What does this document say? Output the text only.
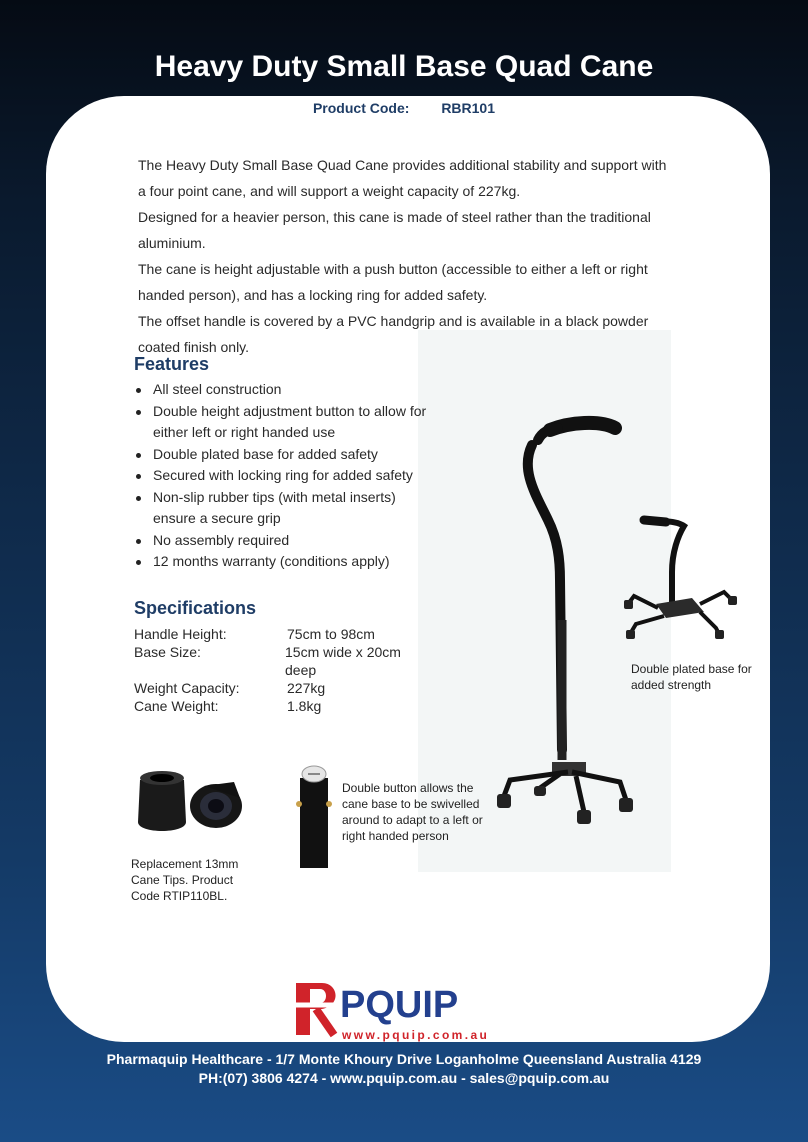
Heavy Duty Small Base Quad Cane
Product Code: RBR101

The Heavy Duty Small Base Quad Cane provides additional stability and support with a four point cane, and will support a weight capacity of 227kg.

Designed for a heavier person, this cane is made of steel rather than the traditional aluminium.

The cane is height adjustable with a push button (accessible to either a left or right handed person), and has a locking ring for added safety.

The offset handle is covered by a PVC handgrip and is available in a black powder coated finish only.

Features
All steel construction
Double height adjustment button to allow for either left or right handed use
Double plated base for added safety
Secured with locking ring for added safety
Non-slip rubber tips (with metal inserts) ensure a secure grip
No assembly required
12 months warranty (conditions apply)
Specifications
Handle Height:	75cm to 98cm
Base Size:	15cm wide x 20cm deep
Weight Capacity:	227kg
Cane Weight:	1.8kg
Double plated base for added strength
Double button allows the cane base to be swivelled around to adapt to a left or right handed person
Replacement 13mm Cane Tips. Product Code RTIP110BL.
PQUIP
www.pquip.com.au
Pharmaquip Healthcare - 1/7 Monte Khoury Drive Loganholme Queensland Australia 4129
PH:(07) 3806 4274 - www.pquip.com.au - sales@pquip.com.au
